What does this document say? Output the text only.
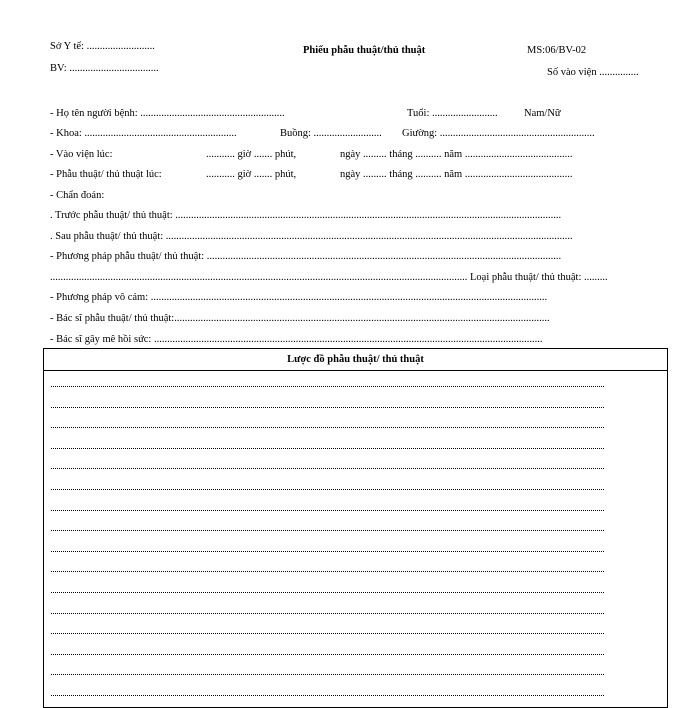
Sở Y tế: ..........................
BV: ..................................
Phiếu phẫu thuật/thủ thuật	MS:06/BV-02
Số vào viện ...............
- Họ tên người bệnh: .......................................................	Tuổi: .........................	Nam/Nữ
- Khoa: ..........................................................	Buồng: .......................... Giường: ...........................................................
- Vào viện lúc:	........... giờ ....... phút,	ngày ......... tháng .......... năm .........................................
- Phẫu thuật/ thủ thuật lúc:	........... giờ ....... phút,	ngày ......... tháng .......... năm .........................................
- Chẩn đoán:
. Trước phẫu thuật/ thủ thuật: ...................................................................................................................................................
. Sau phẫu thuật/ thủ thuật: ...........................................................................................................................................................
- Phương pháp phẫu thuật/ thủ thuật: .......................................................................................................................................
............................................................................................................................................................... Loại phẫu thuật/ thủ thuật: .........
- Phương pháp vô cảm: .......................................................................................................................................................
- Bác sĩ phẫu thuật/ thủ thuật:...............................................................................................................................................
- Bác sĩ gây mê hồi sức: ....................................................................................................................................................
Lược đồ phẫu thuật/ thủ thuật
